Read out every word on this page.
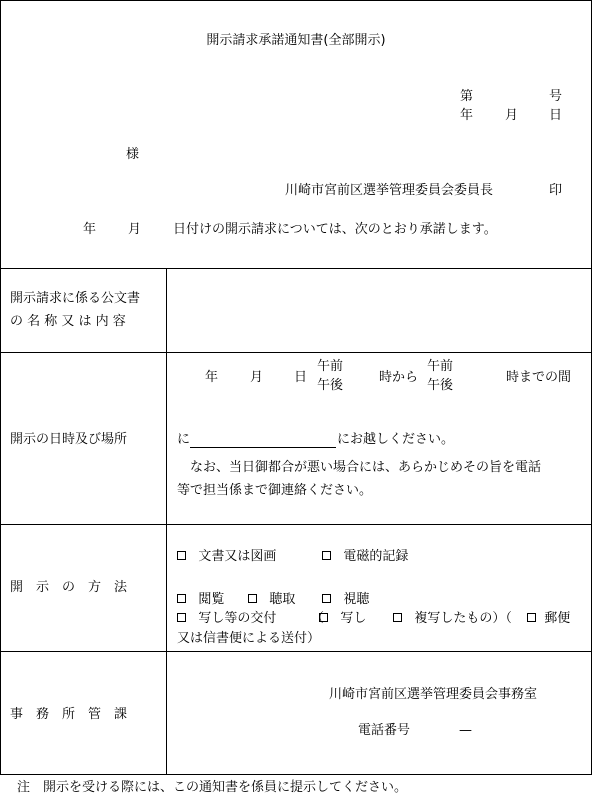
開示請求承諾通知書(全部開示)
第	号
年 月 日
様
川崎市宮前区選挙管理委員会委員長	印
年 月 日付けの開示請求については、次のとおり承諾します。
開示請求に係る公文書
の 名 称 又 は 内 容
開示の日時及び場所
年 月 日
午前
午後
時から
午前
午後
時までの間
に	にお越しください。
なお、当日御都合が悪い場合には、あらかじめその旨を電話
等で担当係まで御連絡ください。
開　示　の　方　法
文書又は図画	電磁的記録
閲覧	聴取	視聴
写し等の交付	（	写し	複写したもの）（	郵便
又は信書便による送付）
事　務　所　管　課
川崎市宮前区選挙管理委員会事務室
電話番号	—
注　開示を受ける際には、この通知書を係員に提示してください。
